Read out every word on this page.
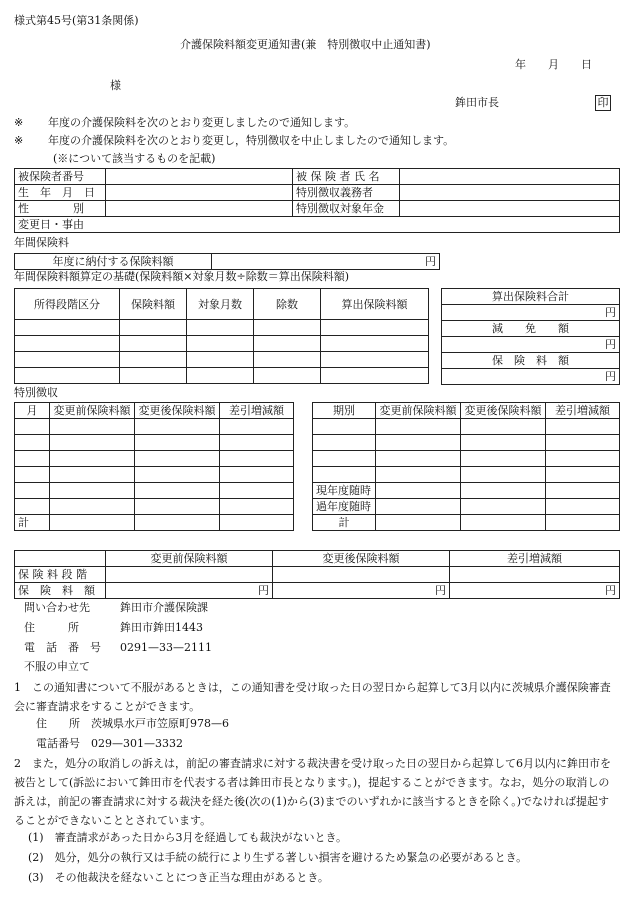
様式第45号(第31条関係)
介護保険料額変更通知書(兼　特別徴収中止通知書)
年　　月　　日
様
鉾田市長	印
※ 年度の介護保険料を次のとおり変更しましたので通知します。
※ 年度の介護保険料を次のとおり変更し，特別徴収を中止しましたので通知します。
(※について該当するものを記載)
被保険者番号		被 保 険 者 氏 名	
生　年　月　日		特別徴収義務者	
性　　　　別		特別徴収対象年金	
変更日・事由			
年間保険料
年度に納付する保険料額	円
年間保険料額算定の基礎(保険料額×対象月数÷除数＝算出保険料額)
所得段階区分	保険料額	対象月数	除数	算出保険料額

算出保険料合計
円
減　　免　　額
円
保　険　料　額
円
特別徴収
月	変更前保険料額	変更後保険料額	差引増減額

計			
期別	変更前保険料額	変更後保険料額	差引増減額

現年度随時			
過年度随時			
計			
	変更前保険料額	変更後保険料額	差引増減額
保 険 料 段 階			
保　険　料　額	円	円	円
問い合わせ先	鉾田市介護保険課
住　　　所	鉾田市鉾田1443
電　話　番　号 0291—33—2111
不服の申立て
1　この通知書について不服があるときは，この通知書を受け取った日の翌日から起算して3月以内に茨城県介護保険審査会に審査請求をすることができます。
住　　所　茨城県水戸市笠原町978—6
電話番号　029—301—3332
2　また，処分の取消しの訴えは，前記の審査請求に対する裁決書を受け取った日の翌日から起算して6月以内に鉾田市を被告として(訴訟において鉾田市を代表する者は鉾田市長となります。)，提起することができます。なお，処分の取消しの訴えは，前記の審査請求に対する裁決を経た後(次の(1)から(3)までのいずれかに該当するときを除く。)でなければ提起することができないこととされています。
(1)　審査請求があった日から3月を経過しても裁決がないとき。
(2)　処分，処分の執行又は手続の続行により生ずる著しい損害を避けるため緊急の必要があるとき。
(3)　その他裁決を経ないことにつき正当な理由があるとき。
